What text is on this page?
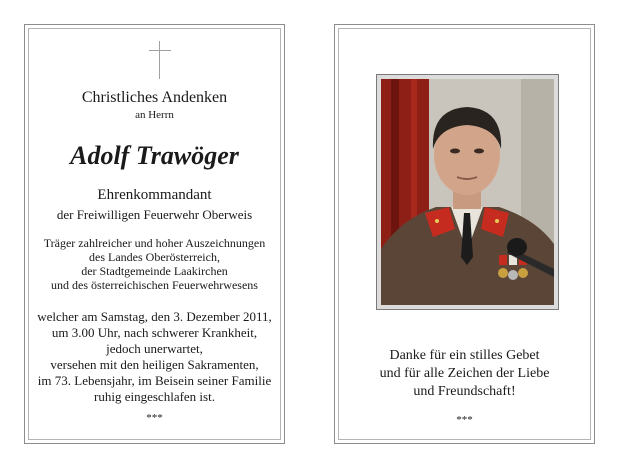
Christliches Andenken
an Herrn
Adolf Trawöger
Ehrenkommandant
der Freiwilligen Feuerwehr Oberweis
Träger zahlreicher und hoher Auszeichnungen
des Landes Oberösterreich,
der Stadtgemeinde Laakirchen
und des österreichischen Feuerwehrwesens
welcher am Samstag, den 3. Dezember 2011,
um 3.00 Uhr, nach schwerer Krankheit,
jedoch unerwartet,
versehen mit den heiligen Sakramenten,
im 73. Lebensjahr, im Beisein seiner Familie
ruhig eingeschlafen ist.
***
Danke für ein stilles Gebet
und für alle Zeichen der Liebe
und Freundschaft!
***
